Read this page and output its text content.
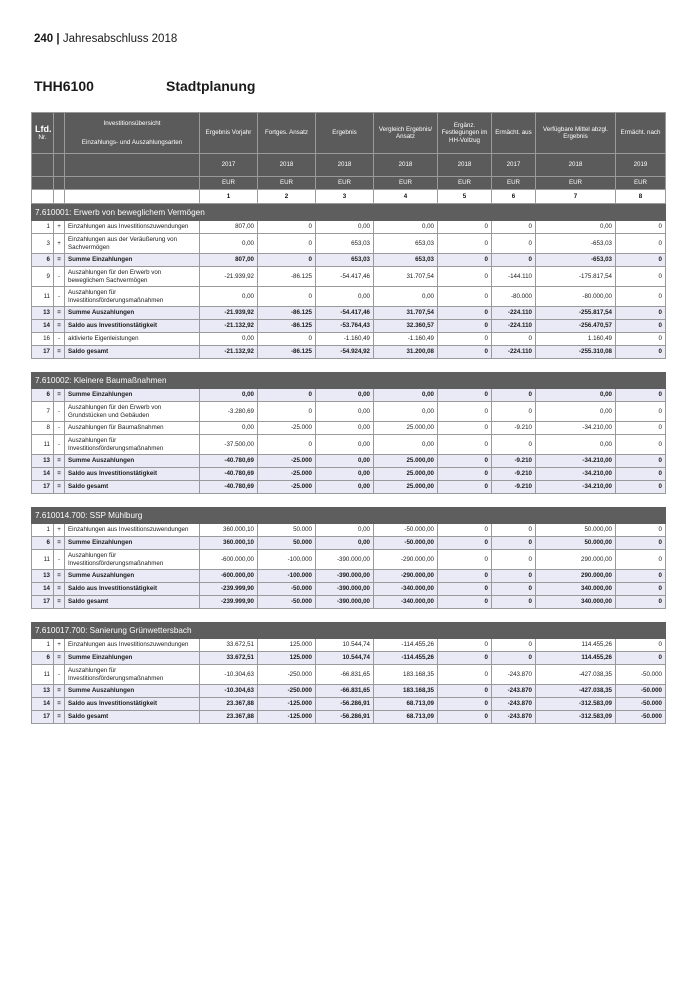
240 | Jahresabschluss 2018
THH6100	Stadtplanung
Lfd.
Nr.		Investitionsübersicht
Einzahlungs- und Auszahlungsarten	Ergebnis Vorjahr	Fortges. Ansatz	Ergebnis	Vergleich Ergebnis/ Ansatz	Ergänz. Festlegungen im HH-Vollzug	Ermächt. aus	Verfügbare Mittel abzgl. Ergebnis	Ermächt. nach
			2017	2018	2018	2018	2018	2017	2018	2019
			EUR	EUR	EUR	EUR	EUR	EUR	EUR	EUR
			1	2	3	4	5	6	7	8

7.610001: Erwerb von beweglichem Vermögen										
1	+	Einzahlungen aus Investitionszuwendungen	807,00	0	0,00	0,00	0	0	0,00	0
3	+	Einzahlungen aus der Veräußerung von Sachvermögen	0,00	0	653,03	653,03	0	0	-653,03	0
6	=	Summe Einzahlungen	807,00	0	653,03	653,03	0	0	-653,03	0
9	-	Auszahlungen für den Erwerb von beweglichem Sachvermögen	-21.939,92	-86.125	-54.417,46	31.707,54	0	-144.110	-175.817,54	0
11	-	Auszahlungen für Investitionsförderungsmaßnahmen	0,00	0	0,00	0,00	0	-80.000	-80.000,00	0
13	=	Summe Auszahlungen	-21.939,92	-86.125	-54.417,46	31.707,54	0	-224.110	-255.817,54	0
14	=	Saldo aus Investitionstätigkeit	-21.132,92	-86.125	-53.764,43	32.360,57	0	-224.110	-256.470,57	0
16	-	aktivierte Eigenleistungen	0,00	0	-1.160,49	-1.160,49	0	0	1.160,49	0
17	=	Saldo gesamt	-21.132,92	-86.125	-54.924,92	31.200,08	0	-224.110	-255.310,08	0

7.610002: Kleinere Baumaßnahmen										
6	=	Summe Einzahlungen	0,00	0	0,00	0,00	0	0	0,00	0
7	-	Auszahlungen für den Erwerb von Grundstücken und Gebäuden	-3.280,69	0	0,00	0,00	0	0	0,00	0
8	-	Auszahlungen für Baumaßnahmen	0,00	-25.000	0,00	25.000,00	0	-9.210	-34.210,00	0
11	-	Auszahlungen für Investitionsförderungsmaßnahmen	-37.500,00	0	0,00	0,00	0	0	0,00	0
13	=	Summe Auszahlungen	-40.780,69	-25.000	0,00	25.000,00	0	-9.210	-34.210,00	0
14	=	Saldo aus Investitionstätigkeit	-40.780,69	-25.000	0,00	25.000,00	0	-9.210	-34.210,00	0
17	=	Saldo gesamt	-40.780,69	-25.000	0,00	25.000,00	0	-9.210	-34.210,00	0

7.610014.700: SSP Mühlburg										
1	+	Einzahlungen aus Investitionszuwendungen	360.000,10	50.000	0,00	-50.000,00	0	0	50.000,00	0
6	=	Summe Einzahlungen	360.000,10	50.000	0,00	-50.000,00	0	0	50.000,00	0
11	-	Auszahlungen für Investitionsförderungsmaßnahmen	-600.000,00	-100.000	-390.000,00	-290.000,00	0	0	290.000,00	0
13	=	Summe Auszahlungen	-600.000,00	-100.000	-390.000,00	-290.000,00	0	0	290.000,00	0
14	=	Saldo aus Investitionstätigkeit	-239.999,90	-50.000	-390.000,00	-340.000,00	0	0	340.000,00	0
17	=	Saldo gesamt	-239.999,90	-50.000	-390.000,00	-340.000,00	0	0	340.000,00	0

7.610017.700: Sanierung Grünwettersbach										
1	+	Einzahlungen aus Investitionszuwendungen	33.672,51	125.000	10.544,74	-114.455,26	0	0	114.455,26	0
6	=	Summe Einzahlungen	33.672,51	125.000	10.544,74	-114.455,26	0	0	114.455,26	0
11	-	Auszahlungen für Investitionsförderungsmaßnahmen	-10.304,63	-250.000	-66.831,65	183.168,35	0	-243.870	-427.038,35	-50.000
13	=	Summe Auszahlungen	-10.304,63	-250.000	-66.831,65	183.168,35	0	-243.870	-427.038,35	-50.000
14	=	Saldo aus Investitionstätigkeit	23.367,88	-125.000	-56.286,91	68.713,09	0	-243.870	-312.583,09	-50.000
17	=	Saldo gesamt	23.367,88	-125.000	-56.286,91	68.713,09	0	-243.870	-312.583,09	-50.000
